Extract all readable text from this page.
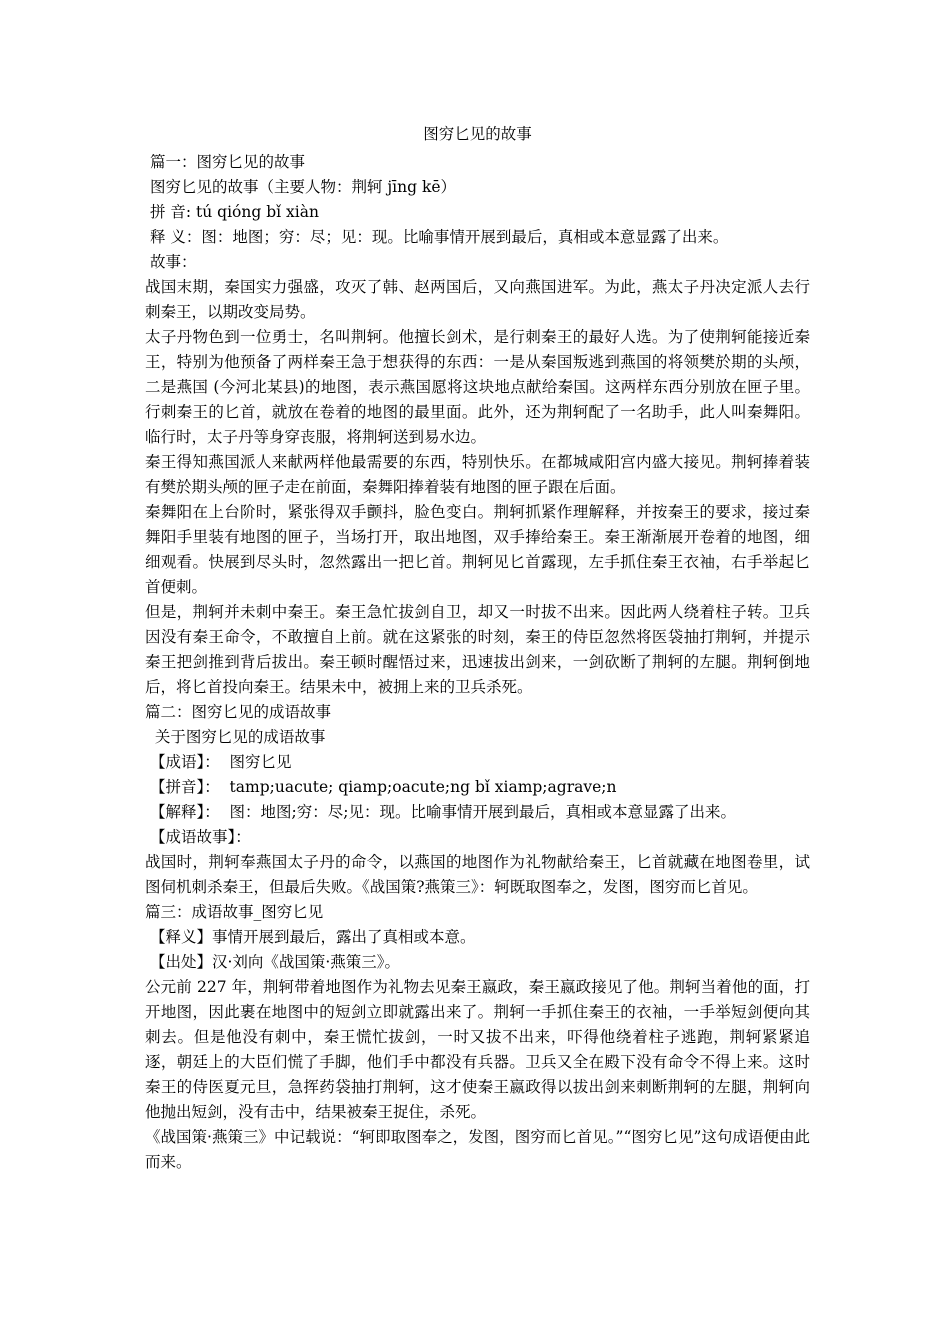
图穷匕见的故事
篇一：图穷匕见的故事
图穷匕见的故事（主要人物：荆轲 jīng kē）
拼 音: tú qióng bǐ xiàn
释 义：图：地图；穷：尽；见：现。比喻事情开展到最后，真相或本意显露了出来。
故事：

战国末期，秦国实力强盛，攻灭了韩、赵两国后，又向燕国进军。为此，燕太子丹决定派人去行刺秦王，以期改变局势。

太子丹物色到一位勇士，名叫荆轲。他擅长剑术，是行刺秦王的最好人选。为了使荆轲能接近秦王，特别为他预备了两样秦王急于想获得的东西：一是从秦国叛逃到燕国的将领樊於期的头颅，二是燕国 (今河北某县)的地图，表示燕国愿将这块地点献给秦国。这两样东西分别放在匣子里。行刺秦王的匕首，就放在卷着的地图的最里面。此外，还为荆轲配了一名助手，此人叫秦舞阳。临行时，太子丹等身穿丧服，将荆轲送到易水边。

秦王得知燕国派人来献两样他最需要的东西，特别快乐。在都城咸阳宫内盛大接见。荆轲捧着装有樊於期头颅的匣子走在前面，秦舞阳捧着装有地图的匣子跟在后面。

秦舞阳在上台阶时，紧张得双手颤抖，脸色变白。荆轲抓紧作理解释，并按秦王的要求，接过秦舞阳手里装有地图的匣子，当场打开，取出地图，双手捧给秦王。秦王渐渐展开卷着的地图，细细观看。快展到尽头时，忽然露出一把匕首。荆轲见匕首露现，左手抓住秦王衣袖，右手举起匕首便刺。

但是，荆轲并未刺中秦王。秦王急忙拔剑自卫，却又一时拔不出来。因此两人绕着柱子转。卫兵因没有秦王命令，不敢擅自上前。就在这紧张的时刻，秦王的侍臣忽然将医袋抽打荆轲，并提示秦王把剑推到背后拔出。秦王顿时醒悟过来，迅速拔出剑来，一剑砍断了荆轲的左腿。荆轲倒地后，将匕首投向秦王。结果未中，被拥上来的卫兵杀死。

篇二：图穷匕见的成语故事
关于图穷匕见的成语故事
【成语】：  图穷匕见
【拼音】：  tamp;uacute; qiamp;oacute;ng bǐ xiamp;agrave;n
【解释】：  图：地图;穷：尽;见：现。比喻事情开展到最后，真相或本意显露了出来。
【成语故事】：

战国时，荆轲奉燕国太子丹的命令，以燕国的地图作为礼物献给秦王，匕首就藏在地图卷里，试图伺机刺杀秦王，但最后失败。《战国策?燕策三》：轲既取图奉之，发图，图穷而匕首见。

篇三：成语故事_图穷匕见
【释义】事情开展到最后，露出了真相或本意。
【出处】汉·刘向《战国策·燕策三》。

公元前 227 年，荆轲带着地图作为礼物去见秦王嬴政，秦王嬴政接见了他。荆轲当着他的面，打开地图，因此裹在地图中的短剑立即就露出来了。荆轲一手抓住秦王的衣袖，一手举短剑便向其刺去。但是他没有刺中，秦王慌忙拔剑，一时又拔不出来，吓得他绕着柱子逃跑，荆轲紧紧追逐，朝廷上的大臣们慌了手脚，他们手中都没有兵器。卫兵又全在殿下没有命令不得上来。这时秦王的侍医夏元旦，急挥药袋抽打荆轲，这才使秦王嬴政得以拔出剑来刺断荆轲的左腿，荆轲向他抛出短剑，没有击中，结果被秦王捉住，杀死。

《战国策·燕策三》中记载说：“轲即取图奉之，发图，图穷而匕首见。”“图穷匕见”这句成语便由此而来。
